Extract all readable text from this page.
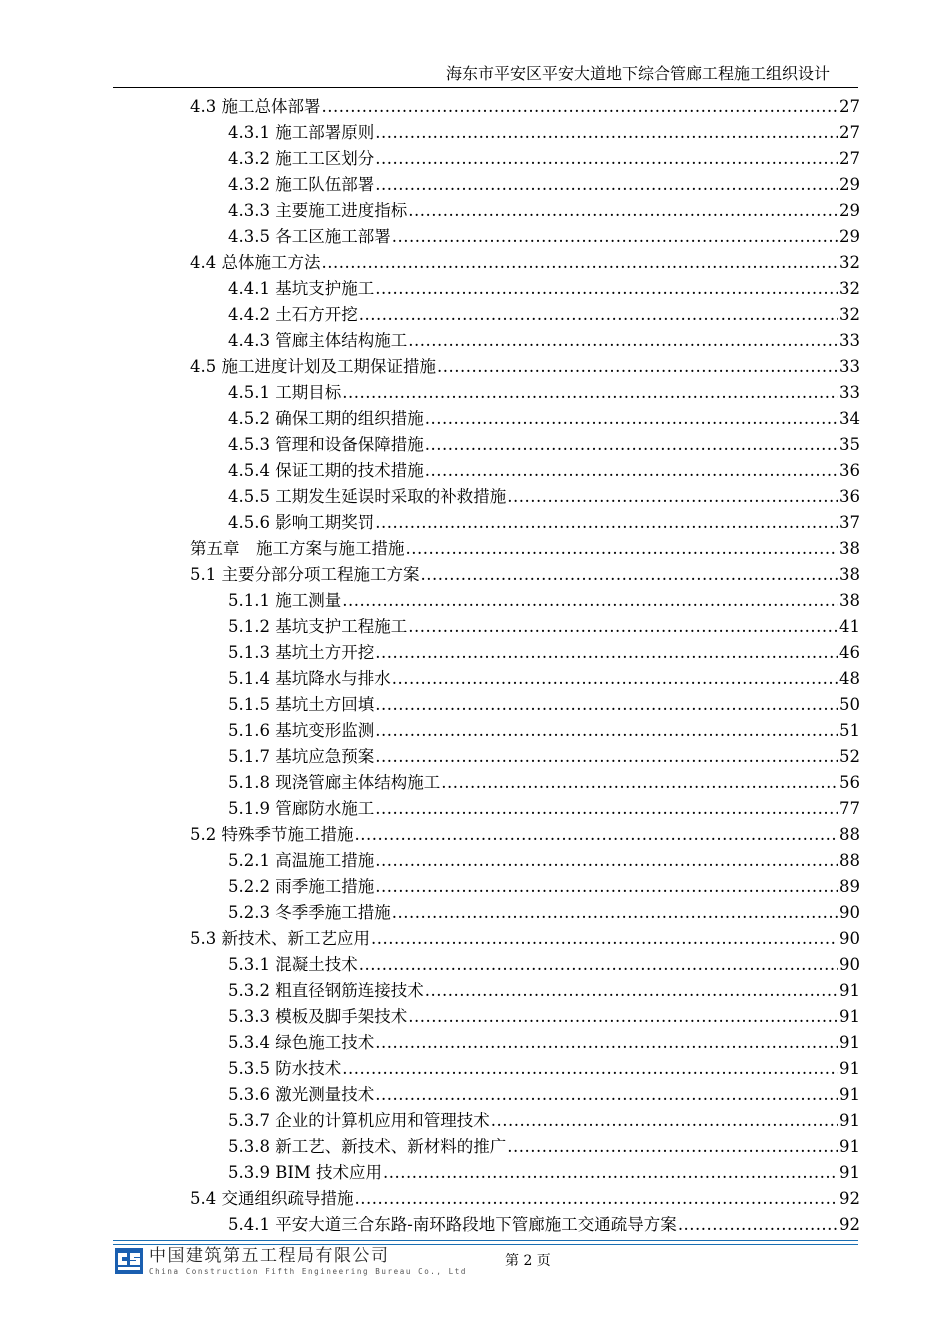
海东市平安区平安大道地下综合管廊工程施工组织设计
4.3 施工总体部署 .....	27
4.3.1 施工部署原则 .....	27
4.3.2 施工工区划分 .....	27
4.3.2 施工队伍部署 .....	29
4.3.3 主要施工进度指标 .....	29
4.3.5 各工区施工部署 .....	29
4.4 总体施工方法 .....	32
4.4.1 基坑支护施工 .....	32
4.4.2 土石方开挖 .....	32
4.4.3 管廊主体结构施工 .....	33
4.5 施工进度计划及工期保证措施 .....	33
4.5.1 工期目标 .....	33
4.5.2 确保工期的组织措施 .....	34
4.5.3 管理和设备保障措施 .....	35
4.5.4 保证工期的技术措施 .....	36
4.5.5 工期发生延误时采取的补救措施 .....	36
4.5.6 影响工期奖罚 .....	37
第五章　施工方案与施工措施 .....	38
5.1 主要分部分项工程施工方案 .....	38
5.1.1 施工测量 .....	38
5.1.2 基坑支护工程施工 .....	41
5.1.3 基坑土方开挖 .....	46
5.1.4 基坑降水与排水 .....	48
5.1.5 基坑土方回填 .....	50
5.1.6 基坑变形监测 .....	51
5.1.7 基坑应急预案 .....	52
5.1.8 现浇管廊主体结构施工 .....	56
5.1.9 管廊防水施工 .....	77
5.2 特殊季节施工措施 .....	88
5.2.1 高温施工措施 .....	88
5.2.2 雨季施工措施 .....	89
5.2.3 冬季季施工措施 .....	90
5.3 新技术、新工艺应用 .....	90
5.3.1 混凝土技术 .....	90
5.3.2 粗直径钢筋连接技术 .....	91
5.3.3 模板及脚手架技术 .....	91
5.3.4 绿色施工技术 .....	91
5.3.5 防水技术 .....	91
5.3.6 激光测量技术 .....	91
5.3.7 企业的计算机应用和管理技术 .....	91
5.3.8 新工艺、新技术、新材料的推广 .....	91
5.3.9 BIM 技术应用 .....	91
5.4 交通组织疏导措施 .....	92
5.4.1 平安大道三合东路-南环路段地下管廊施工交通疏导方案 .....	92
中国建筑第五工程局有限公司
China Construction Fifth Engineering Bureau Co., Ltd
第 2 页
